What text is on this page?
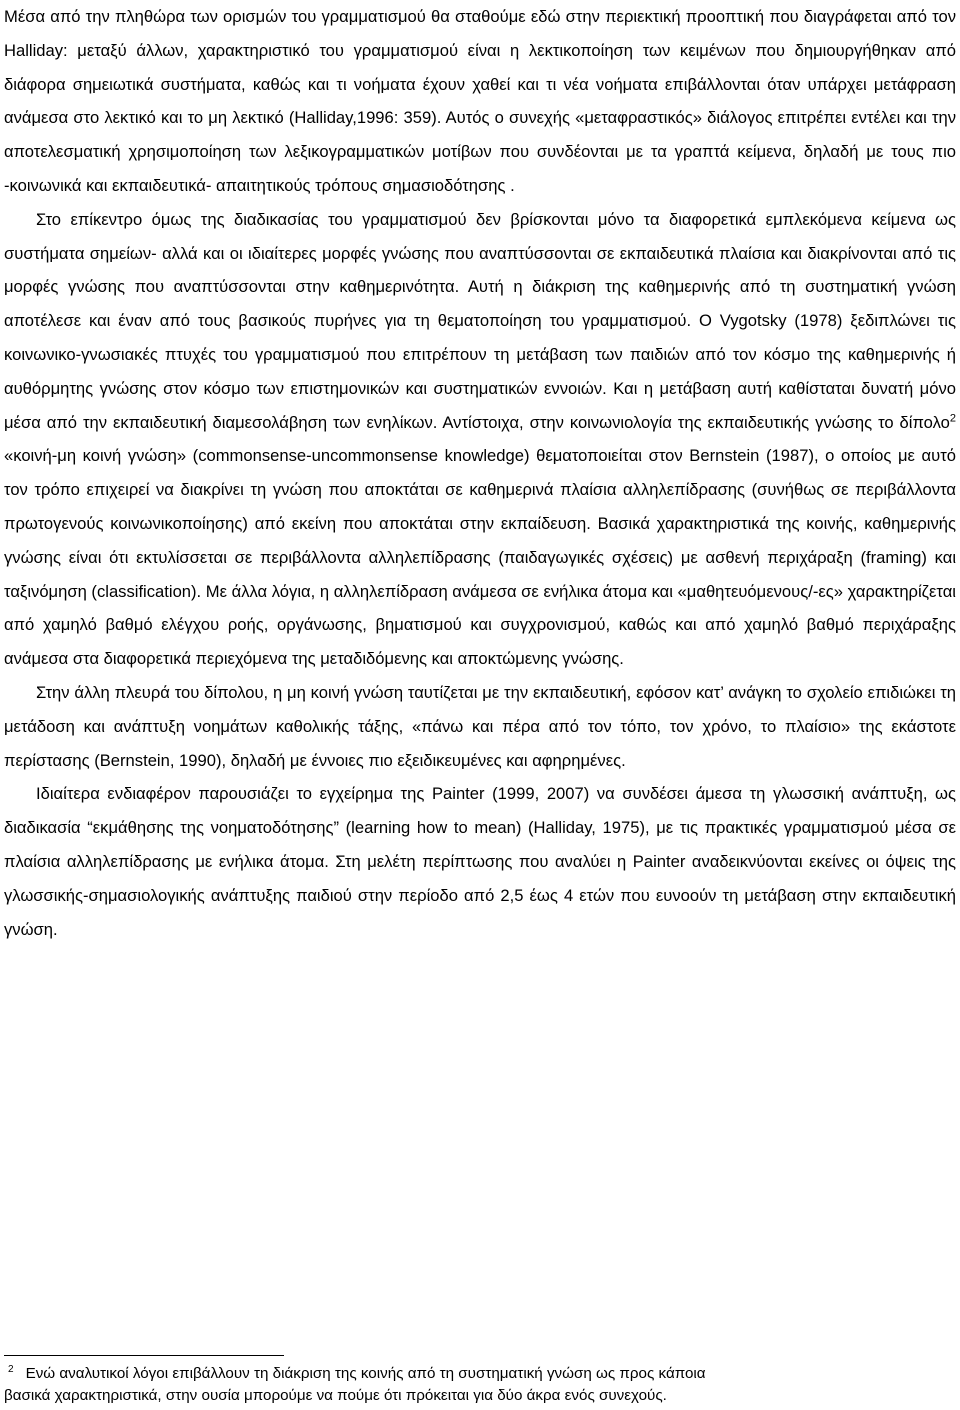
Μέσα από την πληθώρα των ορισμών του γραμματισμού θα σταθούμε εδώ στην περιεκτική προοπτική που διαγράφεται από τον Halliday: μεταξύ άλλων, χαρακτηριστικό του γραμματισμού είναι η λεκτικοποίηση των κειμένων που δημιουργήθηκαν από διάφορα σημειωτικά συστήματα, καθώς και τι νοήματα έχουν χαθεί και τι νέα νοήματα επιβάλλονται όταν υπάρχει μετάφραση ανάμεσα στο λεκτικό και το μη λεκτικό (Halliday,1996: 359). Αυτός ο συνεχής «μεταφραστικός» διάλογος επιτρέπει εντέλει και την αποτελεσματική χρησιμοποίηση των λεξικογραμματικών μοτίβων που συνδέονται με τα γραπτά κείμενα, δηλαδή με τους πιο -κοινωνικά και εκπαιδευτικά- απαιτητικούς τρόπους σημασιοδότησης .

Στο επίκεντρο όμως της διαδικασίας του γραμματισμού δεν βρίσκονται μόνο τα διαφορετικά εμπλεκόμενα κείμενα ως συστήματα σημείων- αλλά και οι ιδιαίτερες μορφές γνώσης που αναπτύσσονται σε εκπαιδευτικά πλαίσια και διακρίνονται από τις μορφές γνώσης που αναπτύσσονται στην καθημερινότητα. Αυτή η διάκριση της καθημερινής από τη συστηματική γνώση αποτέλεσε και έναν από τους βασικούς πυρήνες για τη θεματοποίηση του γραμματισμού. Ο Vygotsky (1978) ξεδιπλώνει τις κοινωνικο-γνωσιακές πτυχές του γραμματισμού που επιτρέπουν τη μετάβαση των παιδιών από τον κόσμο της καθημερινής ή αυθόρμητης γνώσης στον κόσμο των επιστημονικών και συστηματικών εννοιών. Και η μετάβαση αυτή καθίσταται δυνατή μόνο μέσα από την εκπαιδευτική διαμεσολάβηση των ενηλίκων. Αντίστοιχα, στην κοινωνιολογία της εκπαιδευτικής γνώσης το δίπολο$^2$ «κοινή-μη κοινή γνώση» (commonsense-uncommonsense knowledge) θεματοποιείται στον Bernstein (1987), ο οποίος με αυτό τον τρόπο επιχειρεί να διακρίνει τη γνώση που αποκτάται σε καθημερινά πλαίσια αλληλεπίδρασης (συνήθως σε περιβάλλοντα πρωτογενούς κοινωνικοποίησης) από εκείνη που αποκτάται στην εκπαίδευση. Βασικά χαρακτηριστικά της κοινής, καθημερινής γνώσης είναι ότι εκτυλίσσεται σε περιβάλλοντα αλληλεπίδρασης (παιδαγωγικές σχέσεις) με ασθενή περιχάραξη (framing) και ταξινόμηση (classification). Με άλλα λόγια, η αλληλεπίδραση ανάμεσα σε ενήλικα άτομα και «μαθητευόμενους/-ες» χαρακτηρίζεται από χαμηλό βαθμό ελέγχου ροής, οργάνωσης, βηματισμού και συγχρονισμού, καθώς και από χαμηλό βαθμό περιχάραξης ανάμεσα στα διαφορετικά περιεχόμενα της μεταδιδόμενης και αποκτώμενης γνώσης.

Στην άλλη πλευρά του δίπολου, η μη κοινή γνώση ταυτίζεται με την εκπαιδευτική, εφόσον κατ’ ανάγκη το σχολείο επιδιώκει τη μετάδοση και ανάπτυξη νοημάτων καθολικής τάξης, «πάνω και πέρα από τον τόπο, τον χρόνο, το πλαίσιο» της εκάστοτε περίστασης (Bernstein, 1990), δηλαδή με έννοιες πιο εξειδικευμένες και αφηρημένες.

Ιδιαίτερα ενδιαφέρον παρουσιάζει το εγχείρημα της Painter (1999, 2007) να συνδέσει άμεσα τη γλωσσική ανάπτυξη, ως διαδικασία “εκμάθησης της νοηματοδότησης” (learning how to mean) (Halliday, 1975), με τις πρακτικές γραμματισμού μέσα σε πλαίσια αλληλεπίδρασης με ενήλικα άτομα. Στη μελέτη περίπτωσης που αναλύει η Painter αναδεικνύονται εκείνες οι όψεις της γλωσσικής-σημασιολογικής ανάπτυξης παιδιού στην περίοδο από 2,5 έως 4 ετών που ευνοούν τη μετάβαση στην εκπαιδευτική γνώση.

$^2$ Ενώ αναλυτικοί λόγοι επιβάλλουν τη διάκριση της κοινής από τη συστηματική γνώση ως προς κάποια
βασικά χαρακτηριστικά, στην ουσία μπορούμε να πούμε ότι πρόκειται για δύο άκρα ενός συνεχούς.
